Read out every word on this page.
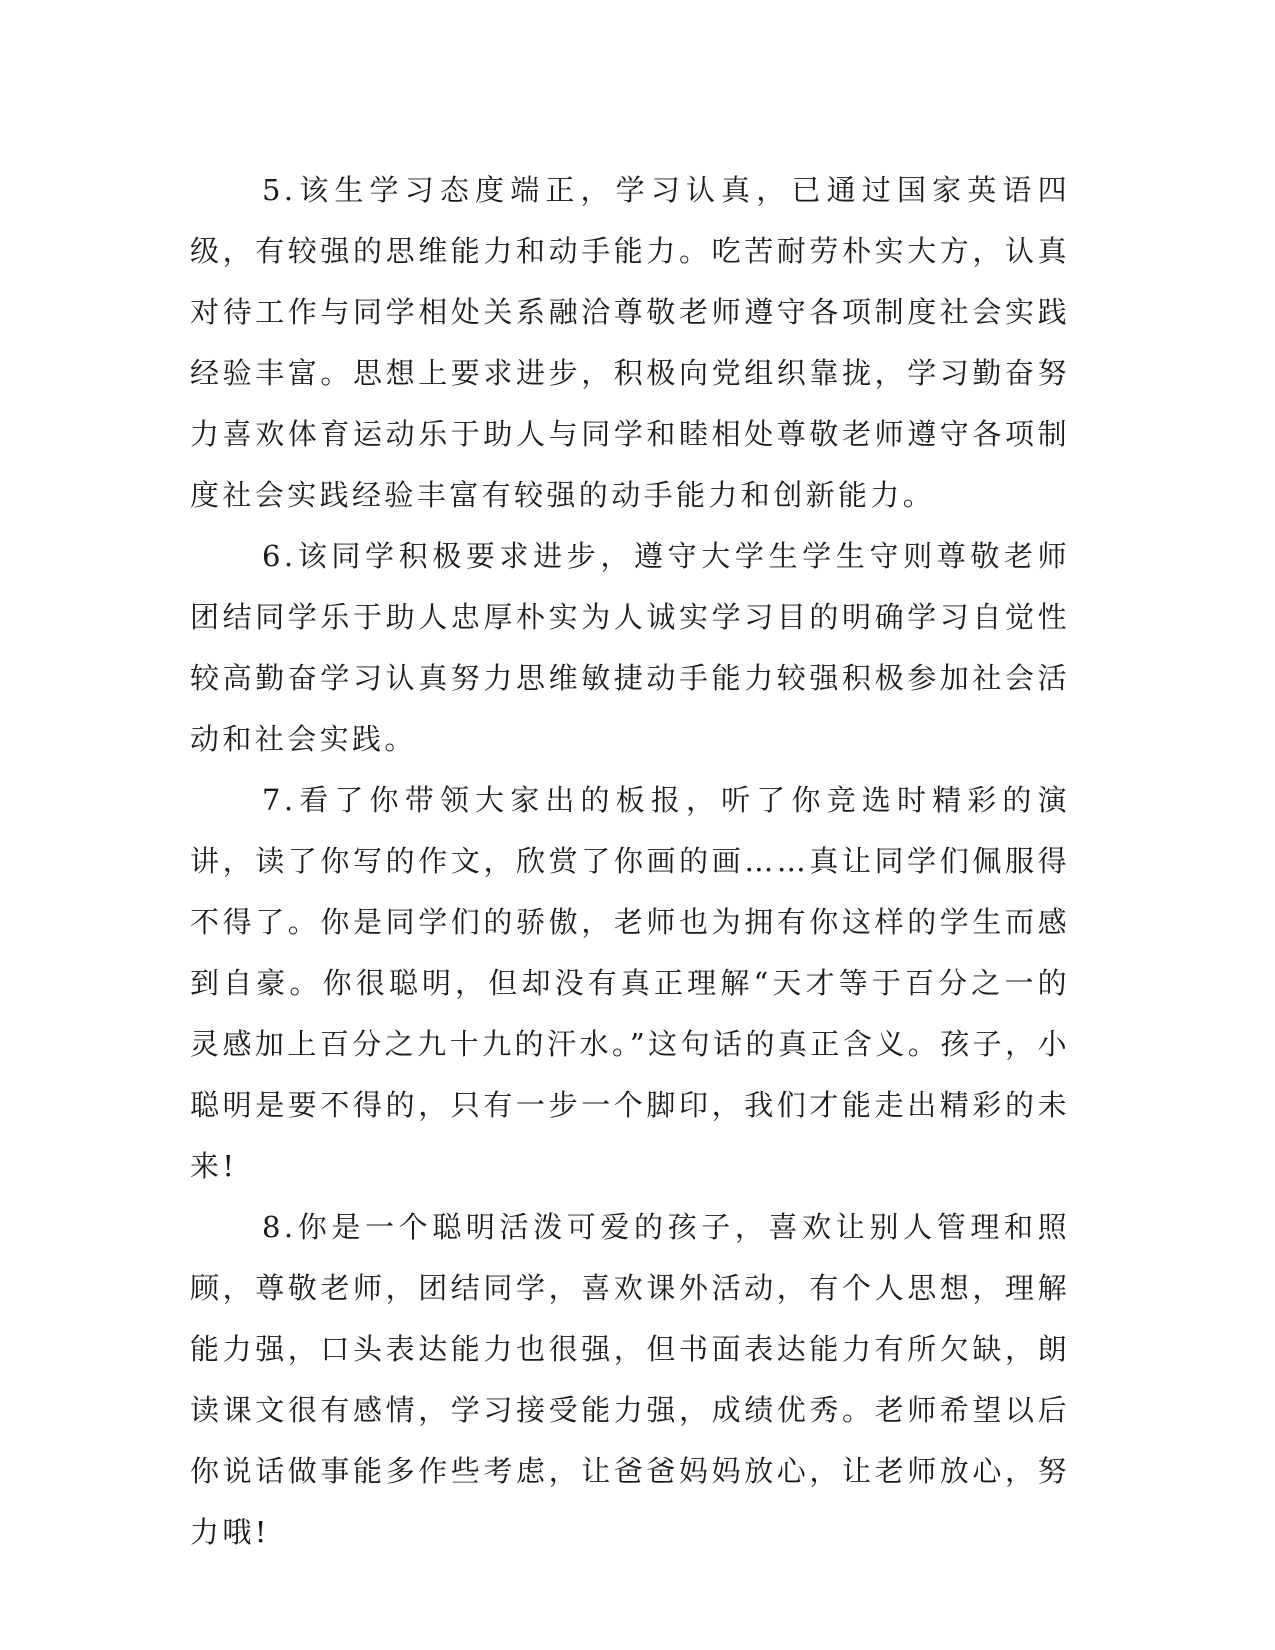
5.该生学习态度端正，学习认真，已通过国家英语四级，有较强的思维能力和动手能力。吃苦耐劳朴实大方，认真对待工作与同学相处关系融洽尊敬老师遵守各项制度社会实践经验丰富。思想上要求进步，积极向党组织靠拢，学习勤奋努力喜欢体育运动乐于助人与同学和睦相处尊敬老师遵守各项制度社会实践经验丰富有较强的动手能力和创新能力。

6.该同学积极要求进步，遵守大学生学生守则尊敬老师团结同学乐于助人忠厚朴实为人诚实学习目的明确学习自觉性较高勤奋学习认真努力思维敏捷动手能力较强积极参加社会活动和社会实践。

7.看了你带领大家出的板报，听了你竞选时精彩的演讲，读了你写的作文，欣赏了你画的画……真让同学们佩服得不得了。你是同学们的骄傲，老师也为拥有你这样的学生而感到自豪。你很聪明，但却没有真正理解“天才等于百分之一的灵感加上百分之九十九的汗水。”这句话的真正含义。孩子，小聪明是要不得的，只有一步一个脚印，我们才能走出精彩的未来!

8.你是一个聪明活泼可爱的孩子，喜欢让别人管理和照顾，尊敬老师，团结同学，喜欢课外活动，有个人思想，理解能力强，口头表达能力也很强，但书面表达能力有所欠缺，朗读课文很有感情，学习接受能力强，成绩优秀。老师希望以后你说话做事能多作些考虑，让爸爸妈妈放心，让老师放心，努力哦!
